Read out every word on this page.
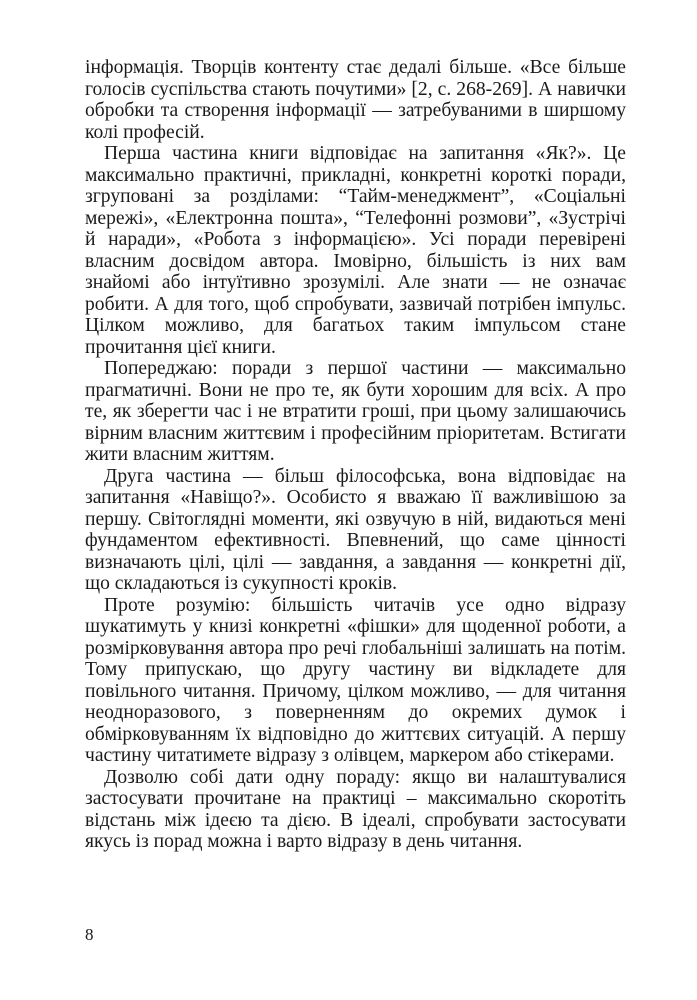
інформація. Творців контенту стає дедалі більше. «Все більше голосів суспільства стають почутими» [2, с. 268-269]. А навички обробки та створення інформації — затребуваними в ширшому колі професій.

Перша частина книги відповідає на запитання «Як?». Це максимально практичні, прикладні, конкретні короткі поради, згруповані за розділами: “Тайм-менеджмент”, «Соціальні мережі», «Електронна пошта», “Телефонні розмови”, «Зустрічі й наради», «Робота з інформацією». Усі поради перевірені власним досвідом автора. Імовірно, більшість із них вам знайомі або інтуїтивно зрозумілі. Але знати — не означає робити. А для того, щоб спробувати, зазвичай потрібен імпульс. Цілком можливо, для багатьох таким імпульсом стане прочитання цієї книги.

Попереджаю: поради з першої частини — максимально прагматичні. Вони не про те, як бути хорошим для всіх. А про те, як зберегти час і не втратити гроші, при цьому залишаючись вірним власним життєвим і професійним пріоритетам. Встигати жити власним життям.

Друга частина — більш філософська, вона відповідає на запитання «Навіщо?». Особисто я вважаю її важливішою за першу. Світоглядні моменти, які озвучую в ній, видаються мені фундаментом ефективності. Впевнений, що саме цінності визначають цілі, цілі — завдання, а завдання — конкретні дії, що складаються із сукупності кроків.

Проте розумію: більшість читачів усе одно відразу шукатимуть у книзі конкретні «фішки» для щоденної роботи, а розмірковування автора про речі глобальніші залишать на потім. Тому припускаю, що другу частину ви відкладете для повільного читання. Причому, цілком можливо, — для читання неодноразового, з поверненням до окремих думок і обмірковуванням їх відповідно до життєвих ситуацій. А першу частину читатимете відразу з олівцем, маркером або стікерами.

Дозволю собі дати одну пораду: якщо ви налаштувалися застосувати прочитане на практиці – максимально скоротіть відстань між ідеєю та дією. В ідеалі, спробувати застосувати якусь із порад можна і варто відразу в день читання.

8
